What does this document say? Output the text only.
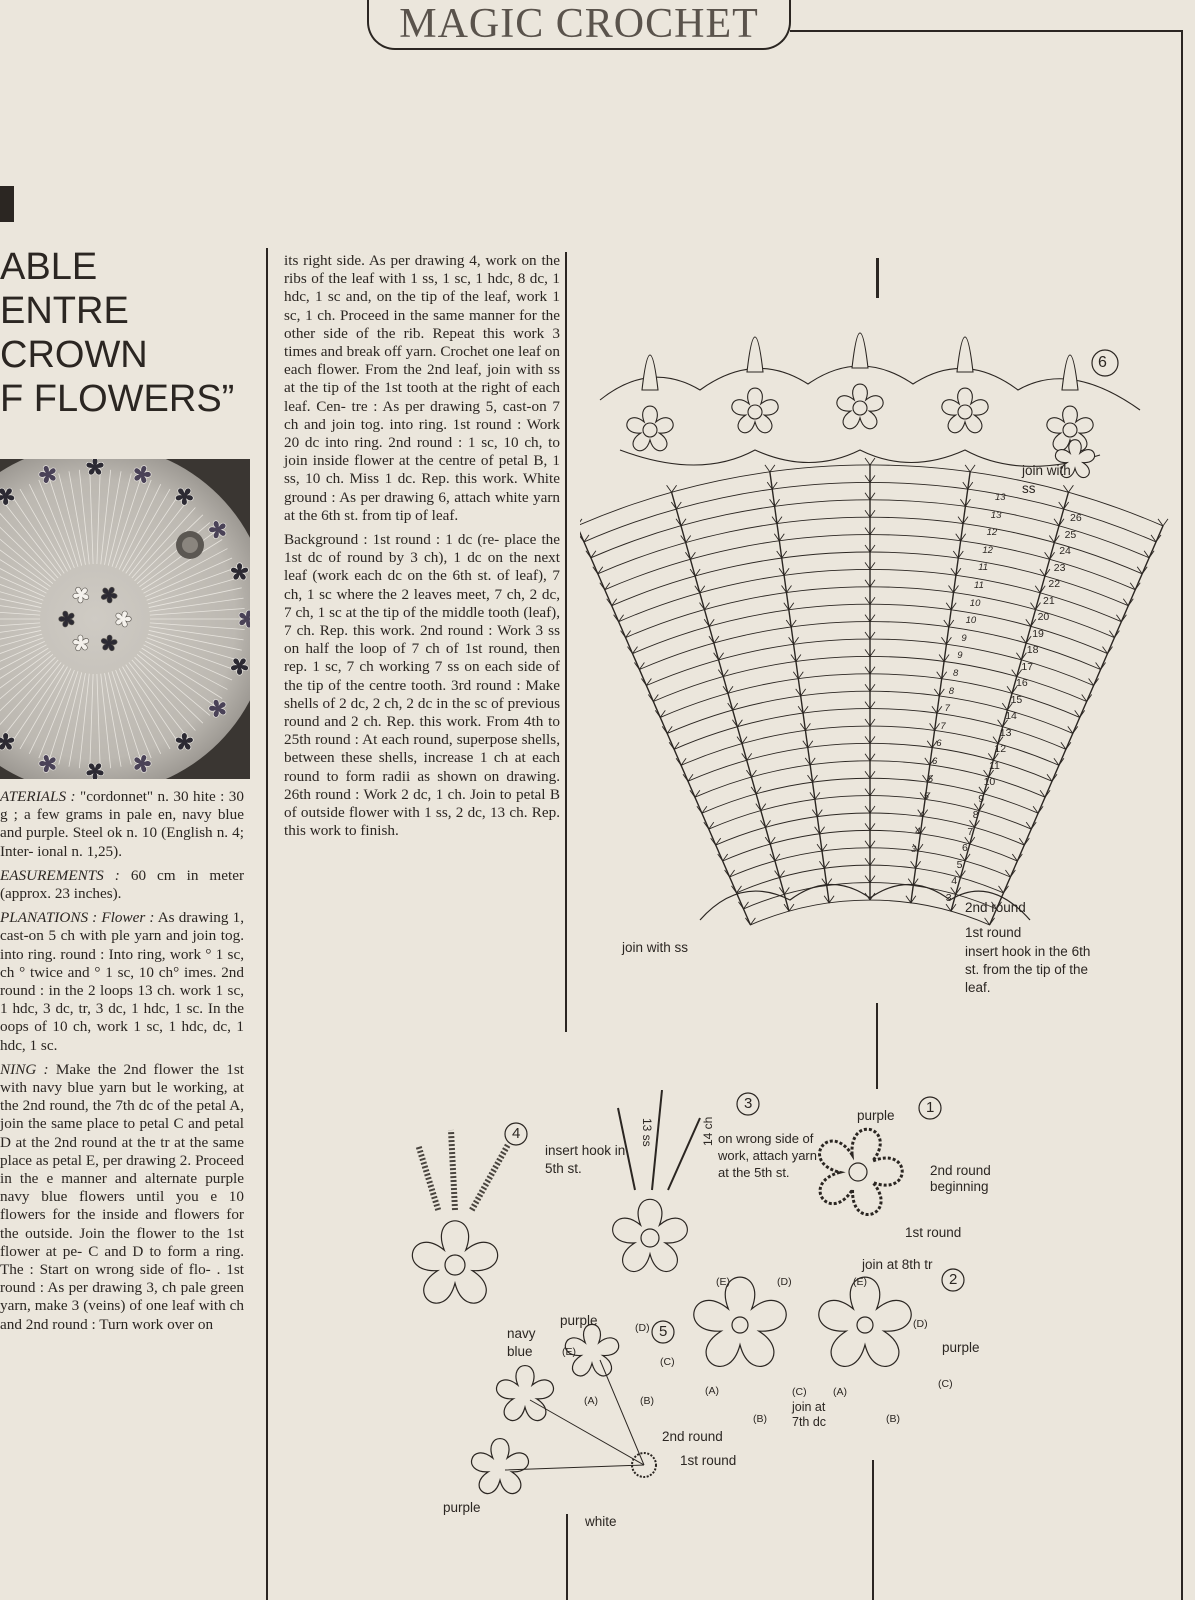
MAGIC CROCHET
ABLE
ENTRE
CROWN
F FLOWERS”

ATERIALS : "cordonnet" n. 30 hite : 30 g ; a few grams in pale en, navy blue and purple. Steel ok n. 10 (English n. 4; Inter- ional n. 1,25).

EASUREMENTS : 60 cm in meter (approx. 23 inches).

PLANATIONS : Flower : As drawing 1, cast-on 5 ch with ple yarn and join tog. into ring. round : Into ring, work ° 1 sc, ch ° twice and ° 1 sc, 10 ch° imes. 2nd round : in the 2 loops 13 ch. work 1 sc, 1 hdc, 3 dc, tr, 3 dc, 1 hdc, 1 sc. In the oops of 10 ch, work 1 sc, 1 hdc, dc, 1 hdc, 1 sc.

NING : Make the 2nd flower the 1st with navy blue yarn but le working, at the 2nd round, the 7th dc of the petal A, join the same place to petal C and petal D at the 2nd round at the tr at the same place as petal E, per drawing 2. Proceed in the e manner and alternate purple navy blue flowers until you e 10 flowers for the inside and flowers for the outside. Join the flower to the 1st flower at pe- C and D to form a ring. The : Start on wrong side of flo- . 1st round : As per drawing 3, ch pale green yarn, make 3 (veins) of one leaf with ch and 2nd round : Turn work over on

its right side. As per drawing 4, work on the ribs of the leaf with 1 ss, 1 sc, 1 hdc, 8 dc, 1 hdc, 1 sc and, on the tip of the leaf, work 1 sc, 1 ch. Proceed in the same manner for the other side of the rib. Repeat this work 3 times and break off yarn. Crochet one leaf on each flower. From the 2nd leaf, join with ss at the tip of the 1st tooth at the right of each leaf. Cen- tre : As per drawing 5, cast-on 7 ch and join tog. into ring. 1st round : Work 20 dc into ring. 2nd round : 1 sc, 10 ch, to join inside flower at the centre of petal B, 1 ss, 10 ch. Miss 1 dc. Rep. this work. White ground : As per drawing 6, attach white yarn at the 6th st. from tip of leaf.

Background : 1st round : 1 dc (re- place the 1st dc of round by 3 ch), 1 dc on the next leaf (work each dc on the 6th st. of leaf), 7 ch, 1 sc where the 2 leaves meet, 7 ch, 2 dc, 7 ch, 1 sc at the tip of the middle tooth (leaf), 7 ch. Rep. this work. 2nd round : Work 3 ss on half the loop of 7 ch of 1st round, then rep. 1 sc, 7 ch working 7 ss on each side of the tip of the centre tooth. 3rd round : Make shells of 2 dc, 2 ch, 2 dc in the sc of previous round and 2 ch. Rep. this work. From 4th to 25th round : At each round, superpose shells, between these shells, increase 1 ch at each round to form radii as shown on drawing. 26th round : Work 2 dc, 1 ch. Join to petal B of outside flower with 1 ss, 2 dc, 13 ch. Rep. this work to finish.

6
join with ss
join with ss
2nd round
1st round
insert hook in the 6th st. from the tip of the leaf.
26
25
24
23
22
21
20
19
18
17
16
15
14
13
12
11
10
9
8
7
6
5
4
3
13
13
12
12
11
11
10
10
9
9
8
8
7
7
6
6
5
5
4
4
3
3	1
4
2
5
purple
2nd round beginning
1st round
13 ss	14 ch on wrong side of work, attach yarn at the 5th st.
insert hook in 5th st.
join at 8th tr
purple
join at 7th dc
(E)	(D)
(C)
(A)
(B)
(E)
(D)
(C)
(A)
(B)
purple
navy blue
2nd round
1st round
purple
white
(E)
(D)
(C)
(A)	(B)
